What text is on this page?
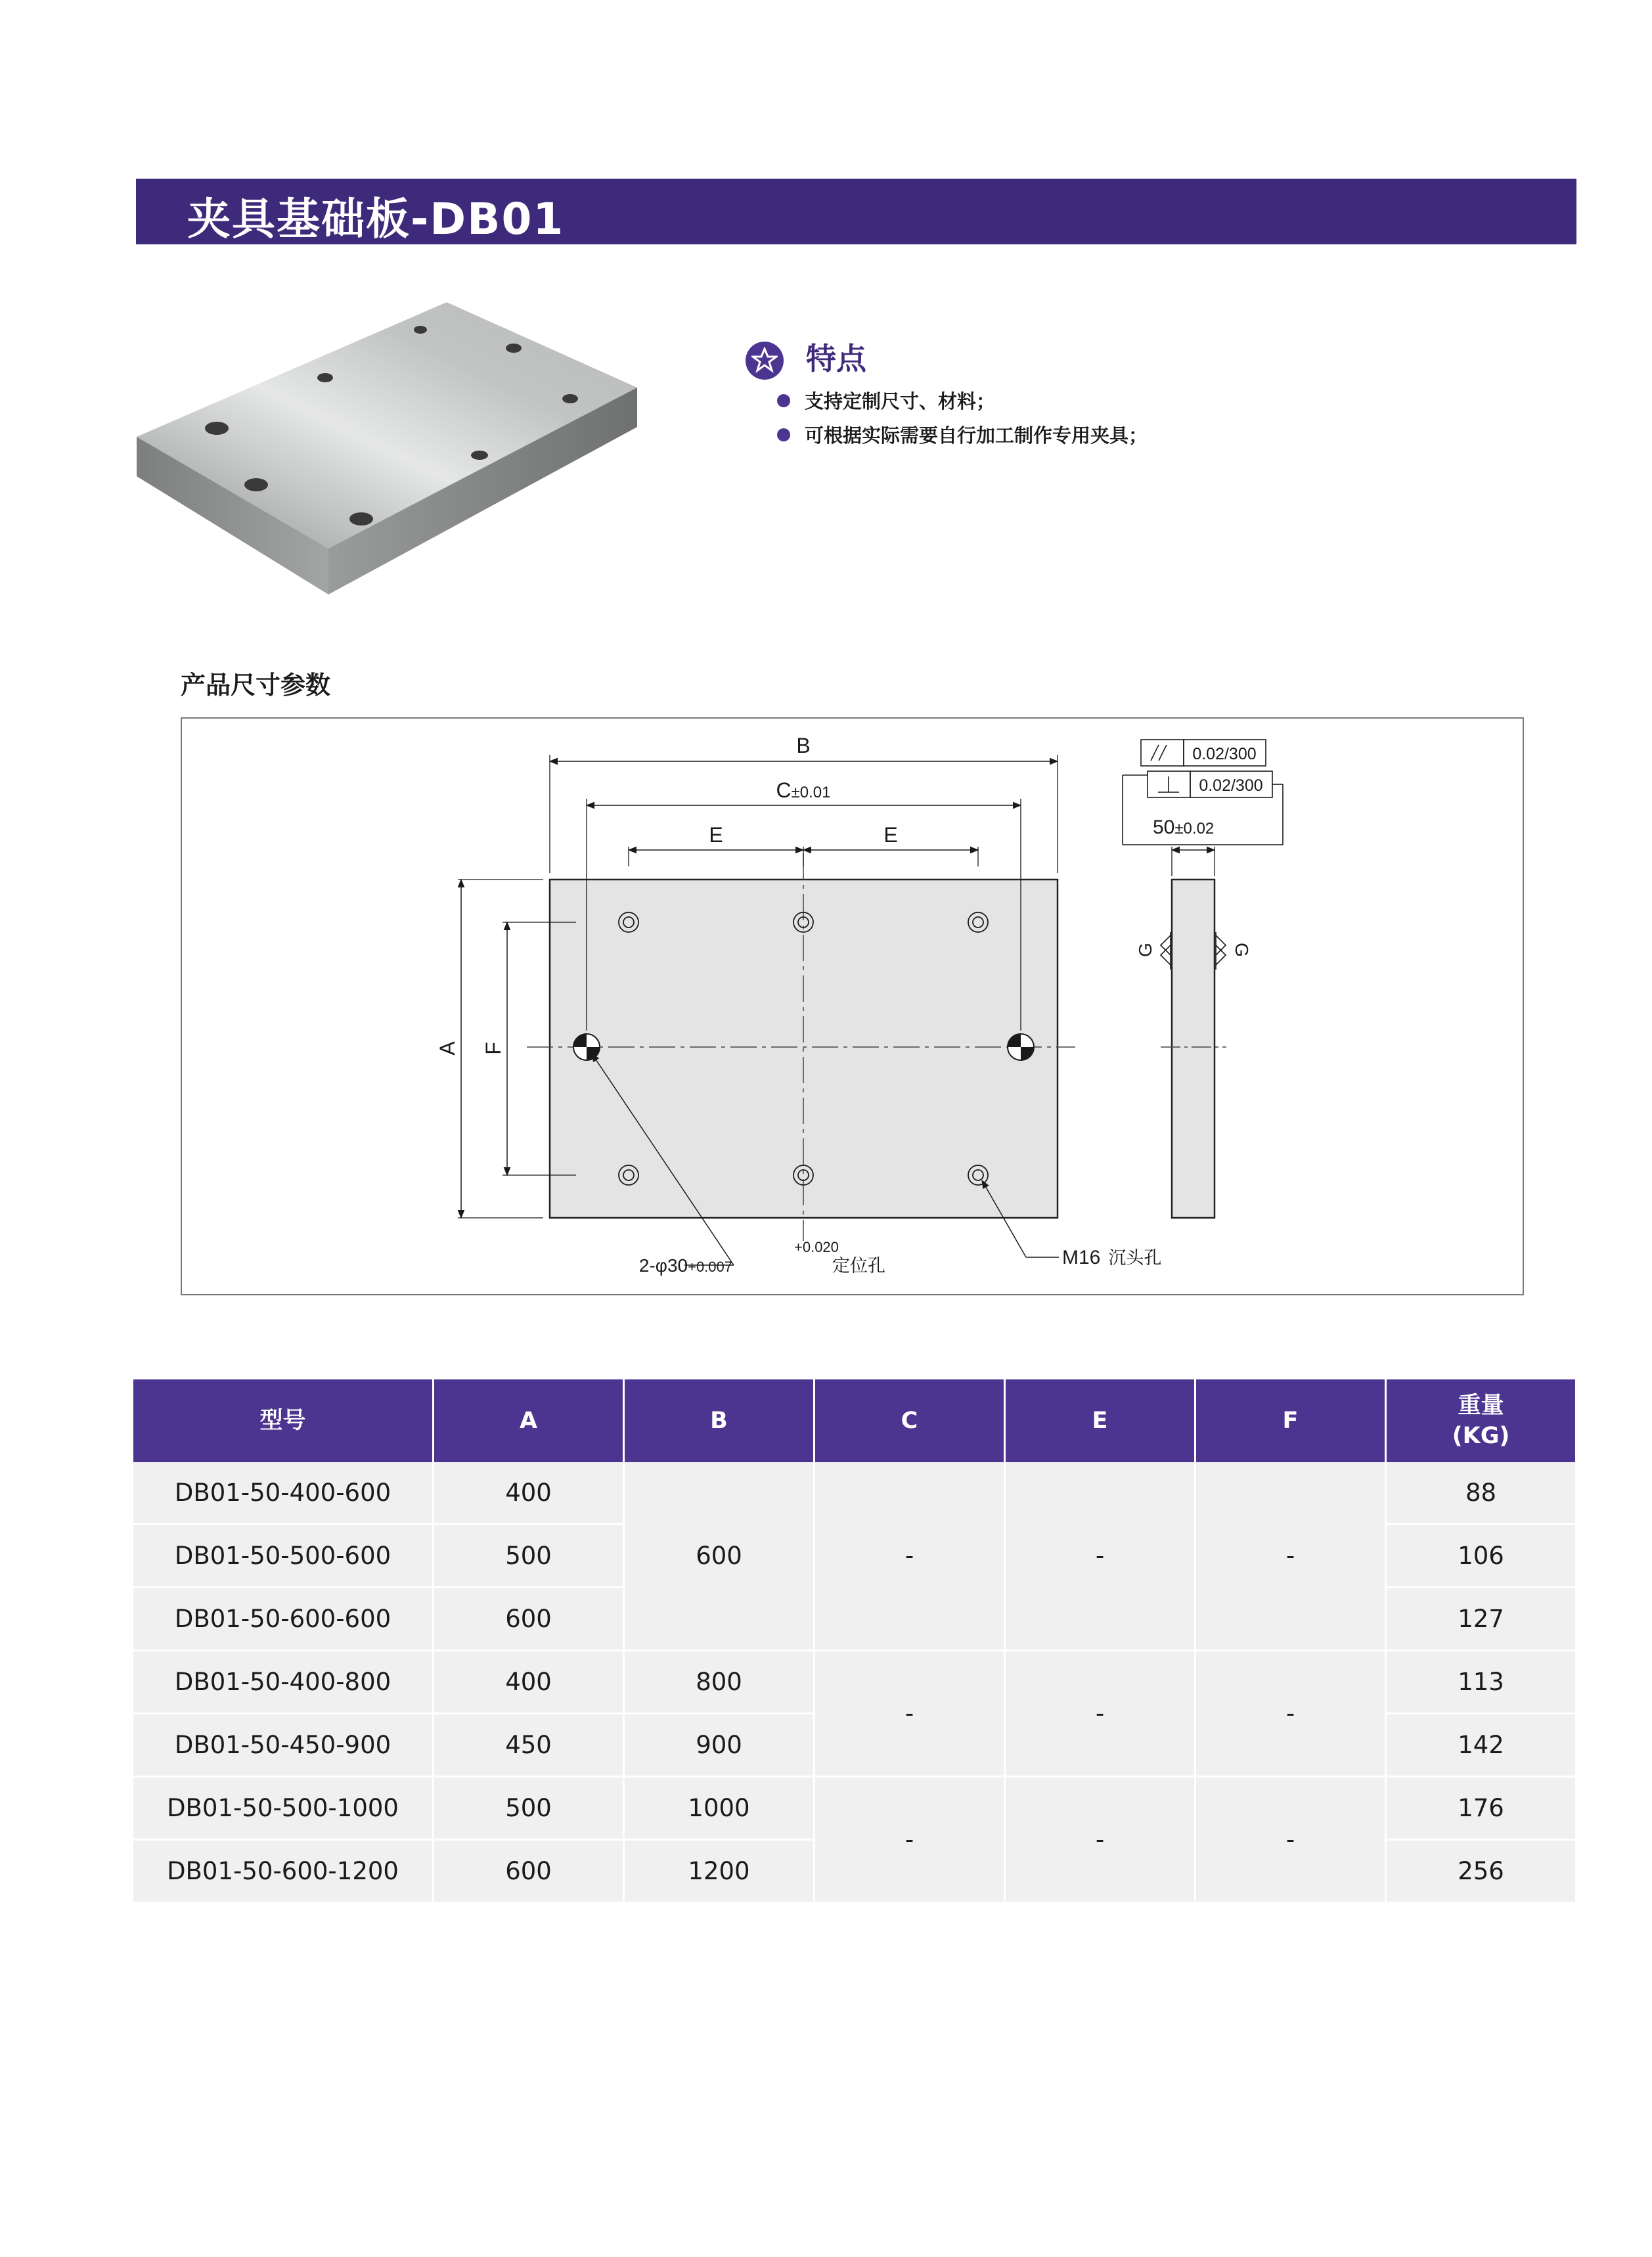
夹具基础板-DB01
特点
支持定制尺寸、材料；
可根据实际需要自行加工制作专用夹具；
产品尺寸参数
B
C±0.01
E	E
A F
+0.020
2-φ30+0.007	定位孔	M16 沉头孔
50±0.02
0.02/300
0.02/300
G	G
型号	A	B	C	E	F	重量
(KG)
DB01-50-400-600	400	600	-	-	-	88
DB01-50-500-600	500					106
DB01-50-600-600	600					127
DB01-50-400-800	400	800	-	-	-	113
DB01-50-450-900	450	900				142
DB01-50-500-1000	500	1000	-	-	-	176
DB01-50-600-1200	600	1200				256
